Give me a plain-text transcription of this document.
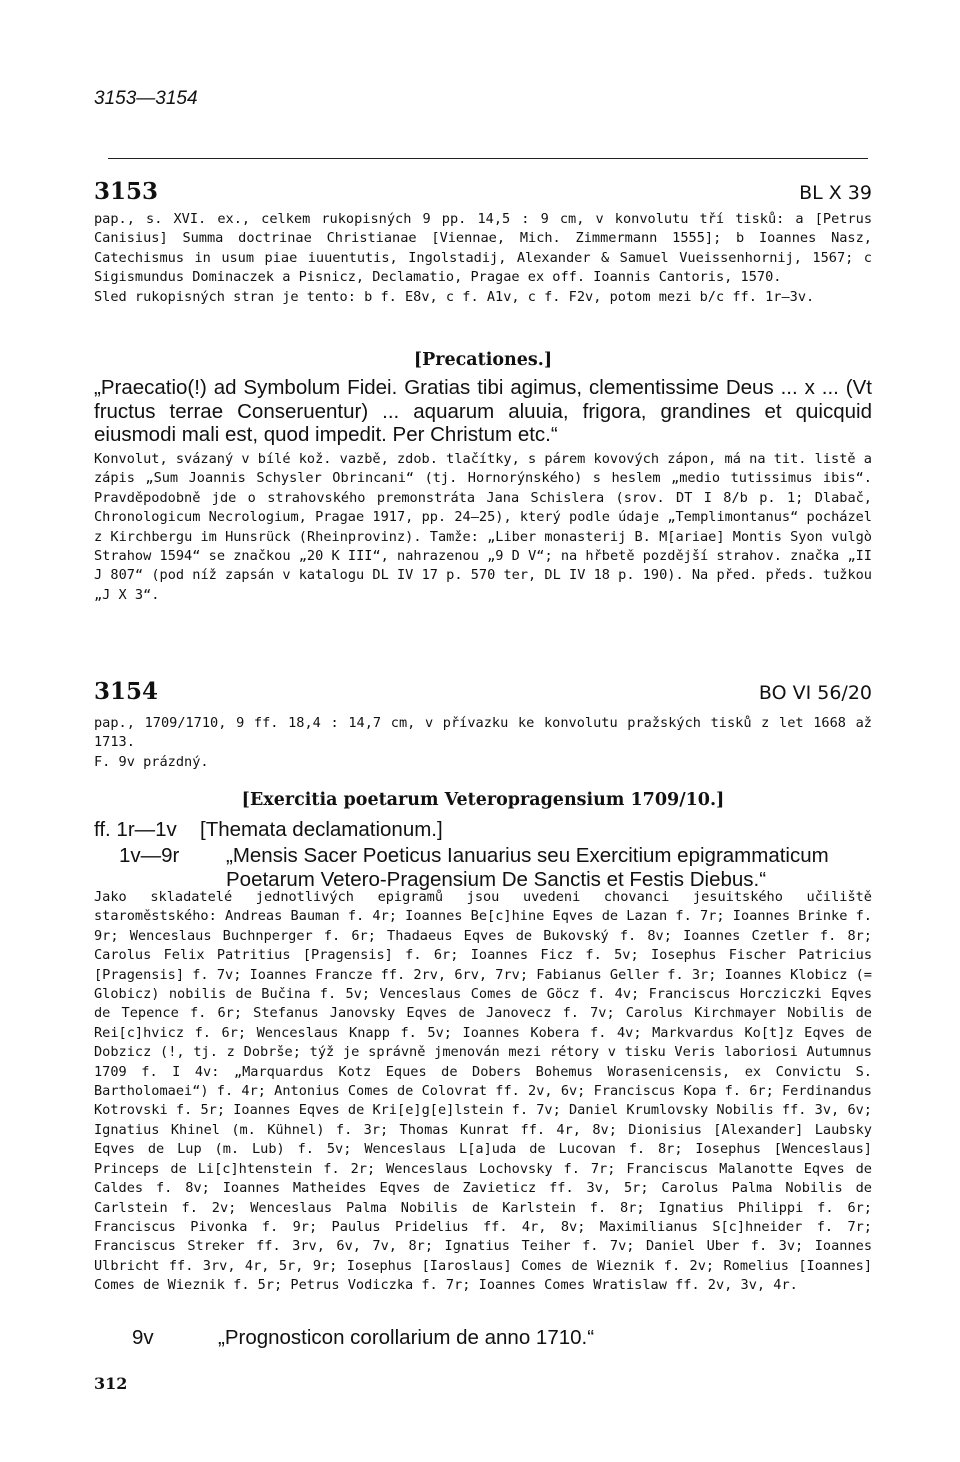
3153—3154
3153	BL X 39

pap., s. XVI. ex., celkem rukopisných 9 pp. 14,5 : 9 cm, v konvolutu tří tisků: a [Petrus Canisius] Summa doctrinae Christianae [Viennae, Mich. Zimmermann 1555]; b Ioannes Nasz, Catechismus in usum piae iuuentutis, Ingolstadij, Alexander & Samuel Vueissenhornij, 1567; c Sigismundus Dominaczek a Pisnicz, Declamatio, Pragae ex off. Ioannis Cantoris, 1570.

Sled rukopisných stran je tento: b f. E8v, c f. A1v, c f. F2v, potom mezi b/c ff. 1r—3v.

[Precationes.]
„Praecatio(!) ad Symbolum Fidei. Gratias tibi agimus, clementissime Deus ... x ... (Vt fructus terrae Conseruentur) ... aquarum aluuia, frigora, grandines et quicquid eiusmodi mali est, quod impedit. Per Christum etc.“
Konvolut, svázaný v bílé kož. vazbě, zdob. tlačítky, s párem kovových zápon, má na tit. listě a zápis „Sum Joannis Schysler Obrincani“ (tj. Hornorýnského) s heslem „medio tutissimus ibis“. Pravděpodobně jde o strahovského premonstráta Jana Schislera (srov. DT I 8/b p. 1; Dlabač, Chronologicum Necrologium, Pragae 1917, pp. 24—25), který podle údaje „Templimontanus“ pocházel z Kirchbergu im Hunsrück (Rheinprovinz). Tamže: „Liber monasterij B. M[ariae] Montis Syon vulgò Strahow 1594“ se značkou „20 K III“, nahrazenou „9 D V“; na hřbetě pozdější strahov. značka „II J 807“ (pod níž zapsán v katalogu DL IV 17 p. 570 ter, DL IV 18 p. 190). Na před. předs. tužkou „J X 3“.
3154	BO VI 56/20

pap., 1709/1710, 9 ff. 18,4 : 14,7 cm, v přívazku ke konvolutu pražských tisků z let 1668 až 1713.

F. 9v prázdný.

[Exercitia poetarum Veteropragensium 1709/10.]
ff. 1r—1v [Themata declamationum.]
1v—9r „Mensis Sacer Poeticus Ianuarius seu Exercitium epigrammaticum Poetarum Vetero-Pragensium De Sanctis et Festis Diebus.“
Jako skladatelé jednotlivých epigramů jsou uvedeni chovanci jesuitského učiliště staroměstského: Andreas Bauman f. 4r; Ioannes Be[c]hine Eqves de Lazan f. 7r; Ioannes Brinke f. 9r; Wenceslaus Buchnperger f. 6r; Thadaeus Eqves de Bukovský f. 8v; Ioannes Czetler f. 8r; Carolus Felix Patritius [Pragensis] f. 6r; Ioannes Ficz f. 5v; Iosephus Fischer Patricius [Pragensis] f. 7v; Ioannes Francze ff. 2rv, 6rv, 7rv; Fabianus Geller f. 3r; Ioannes Klobicz (= Globicz) nobilis de Bučina f. 5v; Venceslaus Comes de Göcz f. 4v; Franciscus Horcziczki Eqves de Tepence f. 6r; Stefanus Janovsky Eqves de Janovecz f. 7v; Carolus Kirchmayer Nobilis de Rei[c]hvicz f. 6r; Wenceslaus Knapp f. 5v; Ioannes Kobera f. 4v; Markvardus Ko[t]z Eqves de Dobzicz (!, tj. z Dobrše; týž je správně jmenován mezi rétory v tisku Veris laboriosi Autumnus 1709 f. I 4v: „Marquardus Kotz Eques de Dobers Bohemus Worasenicensis, ex Convictu S. Bartholomaei“) f. 4r; Antonius Comes de Colovrat ff. 2v, 6v; Franciscus Kopa f. 6r; Ferdinandus Kotrovski f. 5r; Ioannes Eqves de Kri[e]g[e]lstein f. 7v; Daniel Krumlovsky Nobilis ff. 3v, 6v; Ignatius Khinel (m. Kühnel) f. 3r; Thomas Kunrat ff. 4r, 8v; Dionisius [Alexander] Laubsky Eqves de Lup (m. Lub) f. 5v; Wenceslaus L[a]uda de Lucovan f. 8r; Iosephus [Wenceslaus] Princeps de Li[c]htenstein f. 2r; Wenceslaus Lochovsky f. 7r; Franciscus Malanotte Eqves de Caldes f. 8v; Ioannes Matheides Eqves de Zavieticz ff. 3v, 5r; Carolus Palma Nobilis de Carlstein f. 2v; Wenceslaus Palma Nobilis de Karlstein f. 8r; Ignatius Philippi f. 6r; Franciscus Pivonka f. 9r; Paulus Pridelius ff. 4r, 8v; Maximilianus S[c]hneider f. 7r; Franciscus Streker ff. 3rv, 6v, 7v, 8r; Ignatius Teiher f. 7v; Daniel Uber f. 3v; Ioannes Ulbricht ff. 3rv, 4r, 5r, 9r; Iosephus [Iaroslaus] Comes de Wieznik f. 2v; Romelius [Ioannes] Comes de Wieznik f. 5r; Petrus Vodiczka f. 7r; Ioannes Comes Wratislaw ff. 2v, 3v, 4r.
9v	„Prognosticon corollarium de anno 1710.“
312
